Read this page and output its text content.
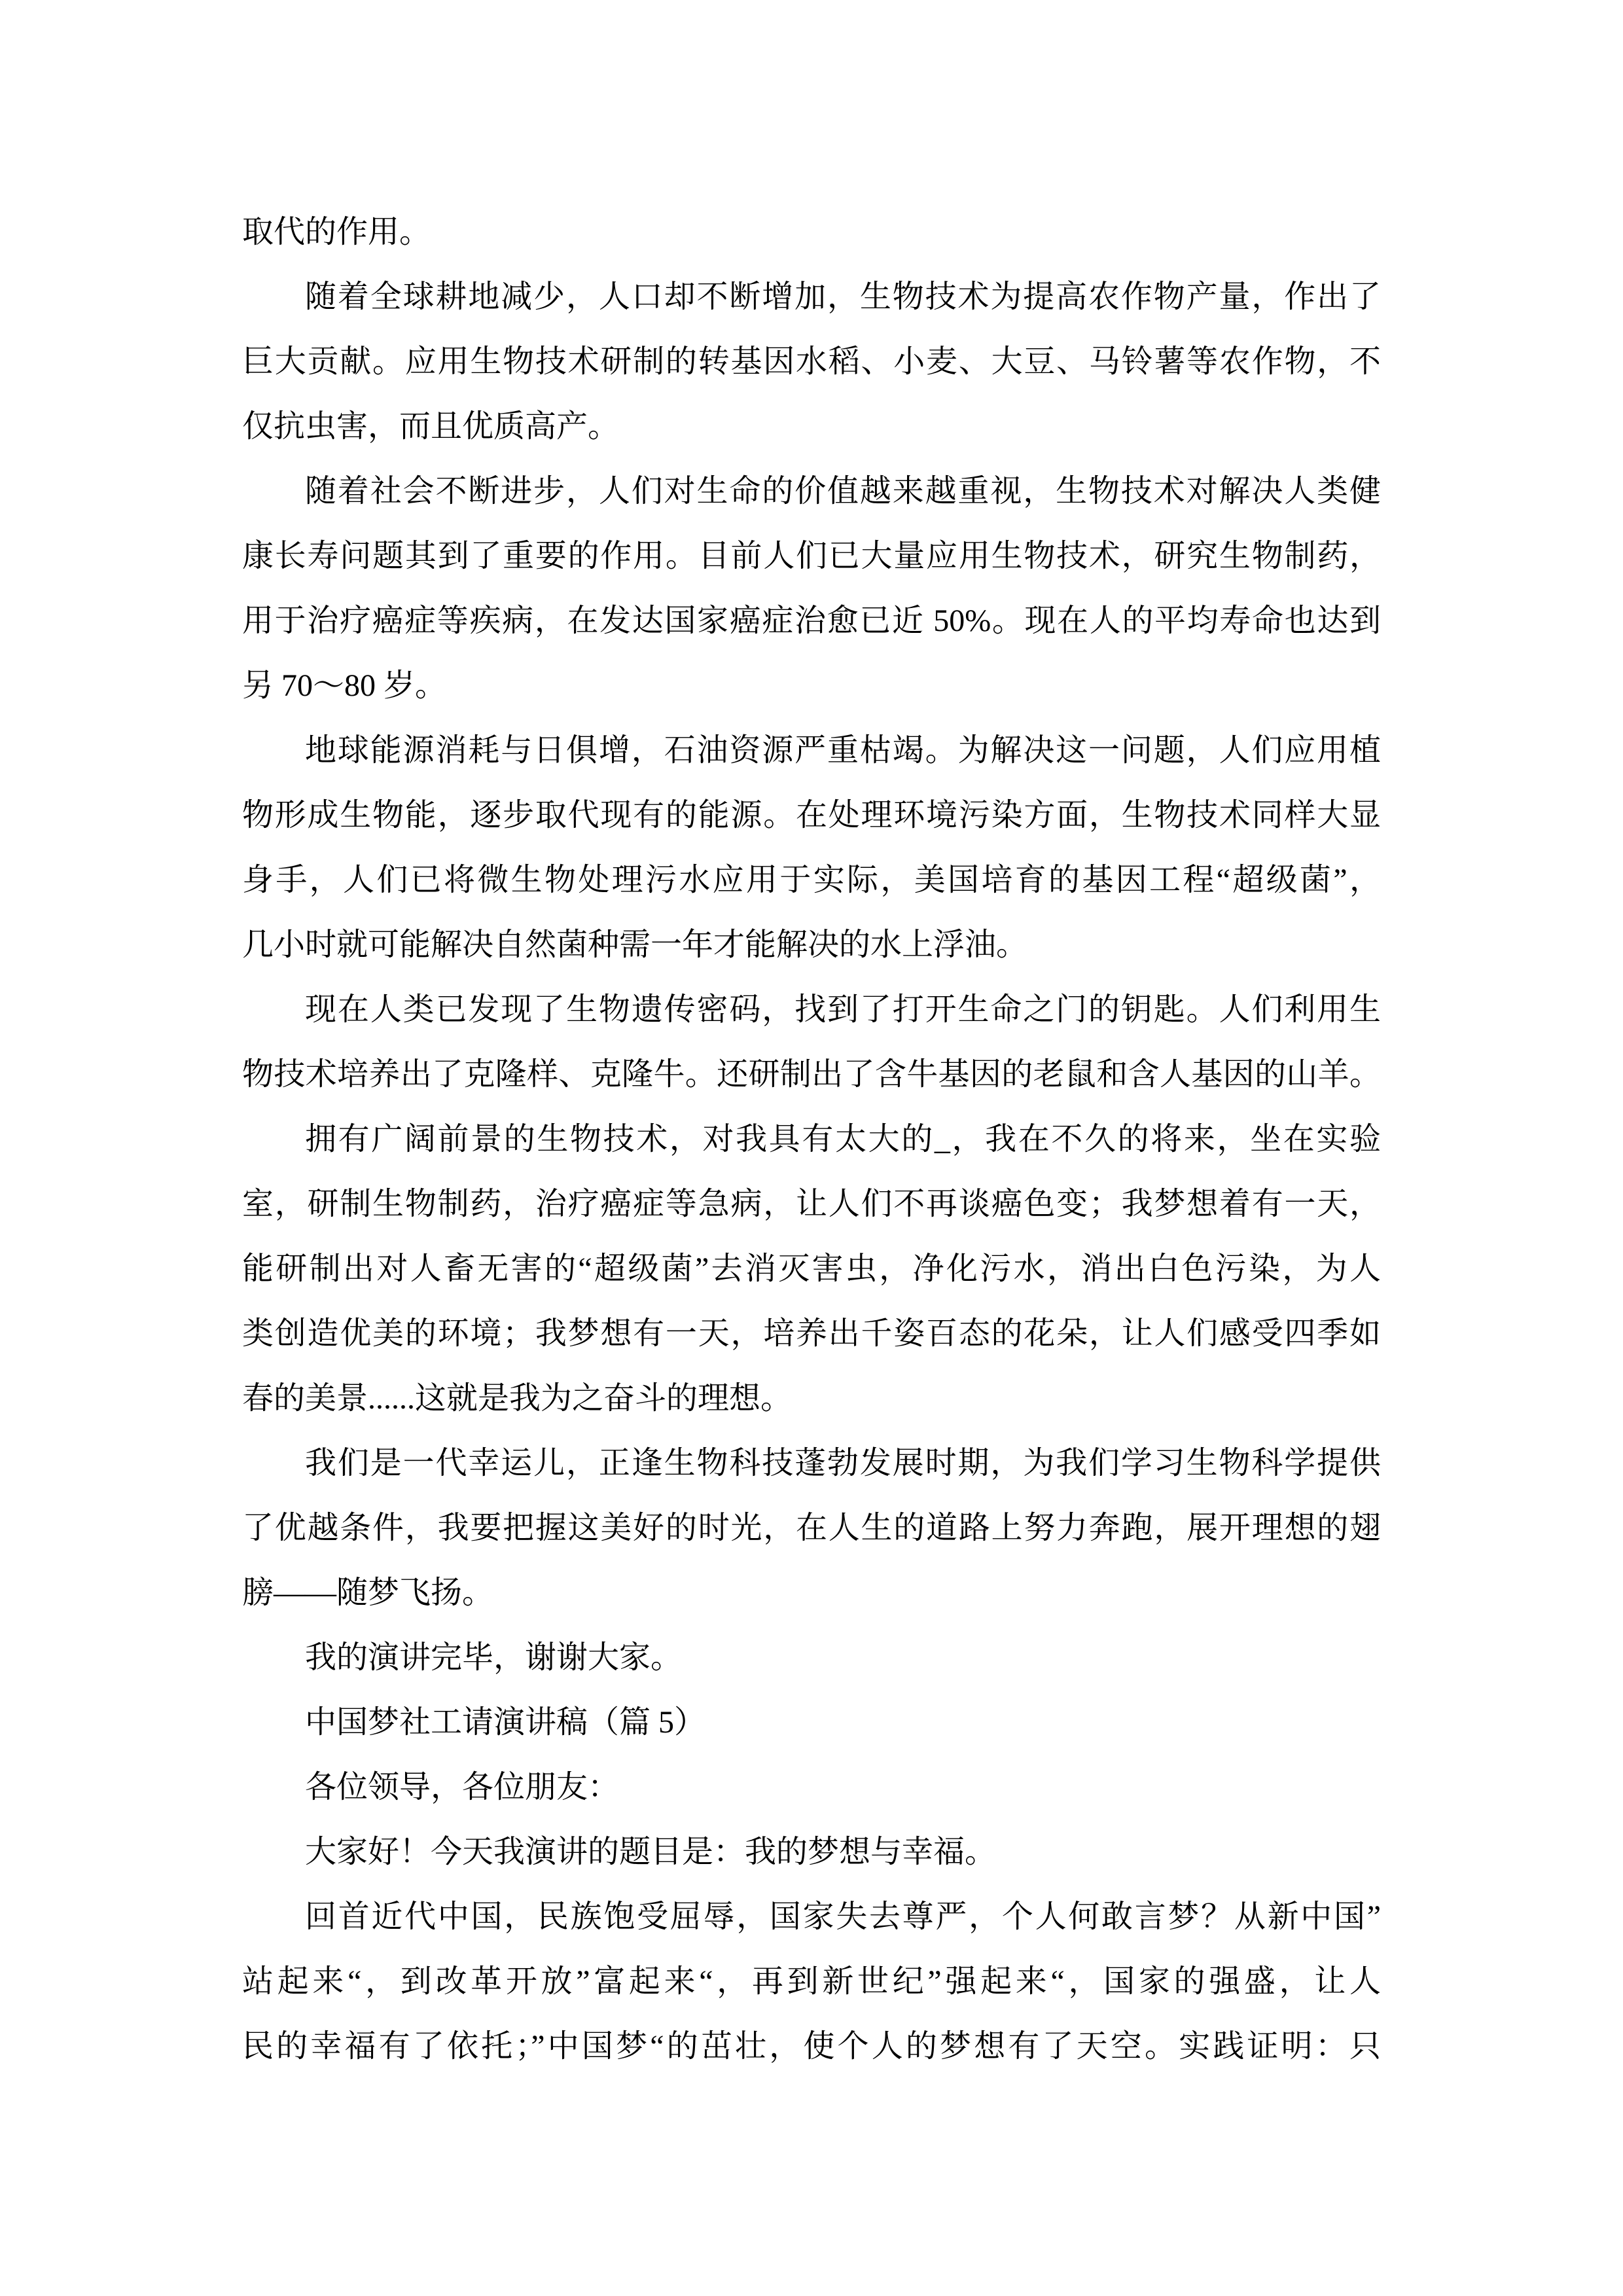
取代的作用。
随着全球耕地减少，人口却不断增加，生物技术为提高农作物产量，作出了
巨大贡献。应用生物技术研制的转基因水稻、小麦、大豆、马铃薯等农作物，不
仅抗虫害，而且优质高产。
随着社会不断进步，人们对生命的价值越来越重视，生物技术对解决人类健
康长寿问题其到了重要的作用。目前人们已大量应用生物技术，研究生物制药，
用于治疗癌症等疾病，在发达国家癌症治愈已近 50%。现在人的平均寿命也达到
另 70～80 岁。
地球能源消耗与日俱增，石油资源严重枯竭。为解决这一问题，人们应用植
物形成生物能，逐步取代现有的能源。在处理环境污染方面，生物技术同样大显
身手，人们已将微生物处理污水应用于实际，美国培育的基因工程“超级菌”，
几小时就可能解决自然菌种需一年才能解决的水上浮油。
现在人类已发现了生物遗传密码，找到了打开生命之门的钥匙。人们利用生
物技术培养出了克隆样、克隆牛。还研制出了含牛基因的老鼠和含人基因的山羊。
拥有广阔前景的生物技术，对我具有太大的_，我在不久的将来，坐在实验
室，研制生物制药，治疗癌症等急病，让人们不再谈癌色变；我梦想着有一天，
能研制出对人畜无害的“超级菌”去消灭害虫，净化污水，消出白色污染，为人
类创造优美的环境；我梦想有一天，培养出千姿百态的花朵，让人们感受四季如
春的美景......这就是我为之奋斗的理想。
我们是一代幸运儿，正逢生物科技蓬勃发展时期，为我们学习生物科学提供
了优越条件，我要把握这美好的时光，在人生的道路上努力奔跑，展开理想的翅
膀——随梦飞扬。
我的演讲完毕，谢谢大家。
中国梦社工请演讲稿（篇 5）
各位领导，各位朋友：
大家好！今天我演讲的题目是：我的梦想与幸福。
回首近代中国，民族饱受屈辱，国家失去尊严，个人何敢言梦？从新中国”
站起来“，到改革开放”富起来“，再到新世纪”强起来“，国家的强盛，让人
民的幸福有了依托；”中国梦“的茁壮，使个人的梦想有了天空。实践证明：只
